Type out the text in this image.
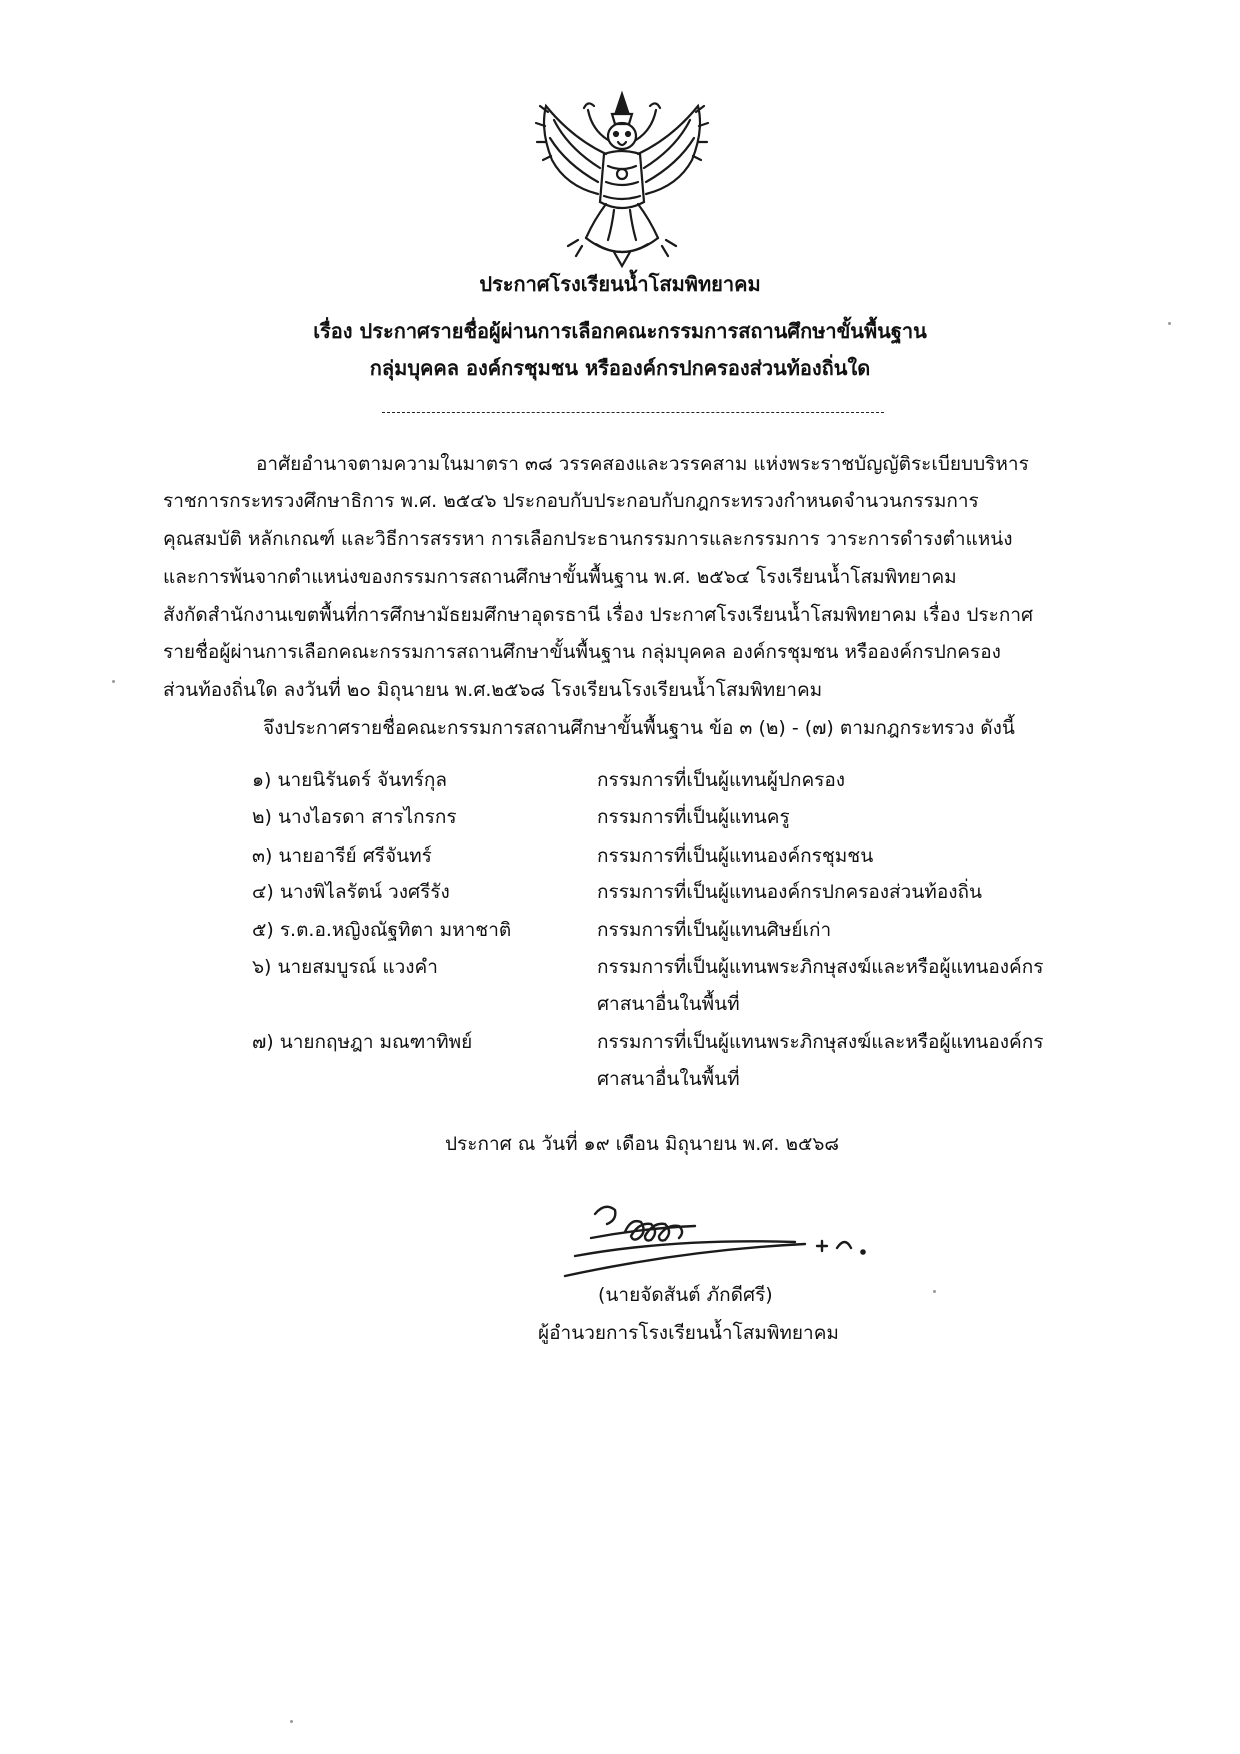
ประกาศโรงเรียนน้ำโสมพิทยาคม
เรื่อง ประกาศรายชื่อผู้ผ่านการเลือกคณะกรรมการสถานศึกษาขั้นพื้นฐาน
กลุ่มบุคคล องค์กรชุมชน หรือองค์กรปกครองส่วนท้องถิ่นใด
อาศัยอำนาจตามความในมาตรา ๓๘ วรรคสองและวรรคสาม แห่งพระราชบัญญัติระเบียบบริหาร
ราชการกระทรวงศึกษาธิการ พ.ศ. ๒๕๔๖ ประกอบกับประกอบกับกฎกระทรวงกำหนดจำนวนกรรมการ
คุณสมบัติ หลักเกณฑ์ และวิธีการสรรหา การเลือกประธานกรรมการและกรรมการ วาระการดำรงตำแหน่ง
และการพ้นจากตำแหน่งของกรรมการสถานศึกษาขั้นพื้นฐาน พ.ศ. ๒๕๖๔ โรงเรียนน้ำโสมพิทยาคม
สังกัดสำนักงานเขตพื้นที่การศึกษามัธยมศึกษาอุดรธานี เรื่อง ประกาศโรงเรียนน้ำโสมพิทยาคม เรื่อง ประกาศ
รายชื่อผู้ผ่านการเลือกคณะกรรมการสถานศึกษาขั้นพื้นฐาน กลุ่มบุคคล องค์กรชุมชน หรือองค์กรปกครอง
ส่วนท้องถิ่นใด ลงวันที่ ๒๐ มิถุนายน พ.ศ.๒๕๖๘ โรงเรียนโรงเรียนน้ำโสมพิทยาคม
จึงประกาศรายชื่อคณะกรรมการสถานศึกษาขั้นพื้นฐาน ข้อ ๓ (๒) - (๗) ตามกฎกระทรวง ดังนี้
๑) นายนิรันดร์ จันทร์กุล	กรรมการที่เป็นผู้แทนผู้ปกครอง
๒) นางไอรดา สารไกรกร	กรรมการที่เป็นผู้แทนครู
๓) นายอารีย์ ศรีจันทร์	กรรมการที่เป็นผู้แทนองค์กรชุมชน
๔) นางพิไลรัตน์ วงศรีรัง	กรรมการที่เป็นผู้แทนองค์กรปกครองส่วนท้องถิ่น
๕) ร.ต.อ.หญิงณัฐทิตา มหาชาติ	กรรมการที่เป็นผู้แทนศิษย์เก่า
๖) นายสมบูรณ์ แวงคำ	กรรมการที่เป็นผู้แทนพระภิกษุสงฆ์และหรือผู้แทนองค์กร
ศาสนาอื่นในพื้นที่
๗) นายกฤษฎา มณฑาทิพย์	กรรมการที่เป็นผู้แทนพระภิกษุสงฆ์และหรือผู้แทนองค์กร
ศาสนาอื่นในพื้นที่
ประกาศ ณ วันที่ ๑๙ เดือน มิถุนายน พ.ศ. ๒๕๖๘
(นายจัดสันต์ ภักดีศรี)
ผู้อำนวยการโรงเรียนน้ำโสมพิทยาคม
